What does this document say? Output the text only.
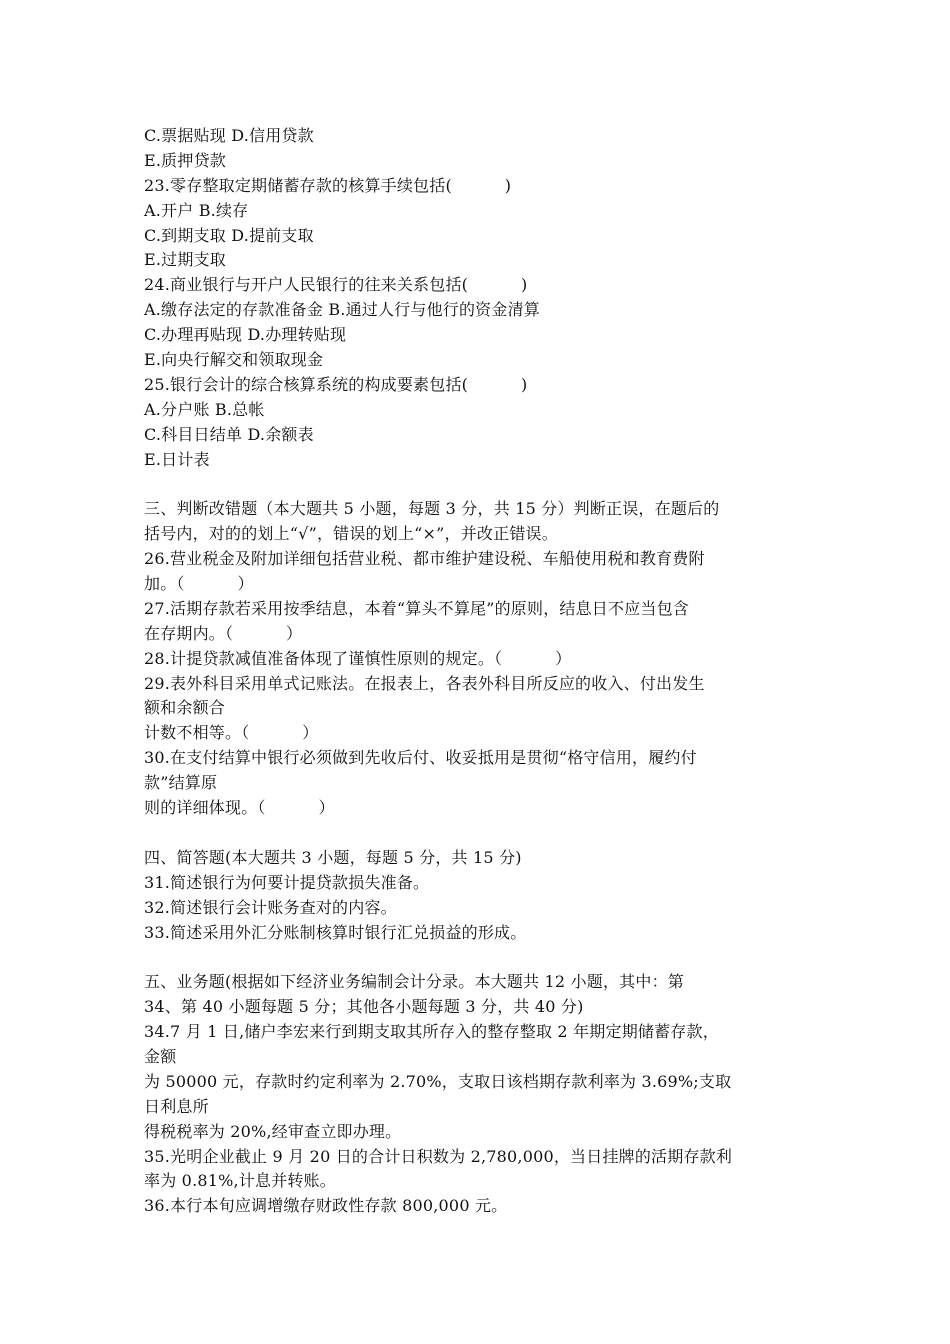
C.票据贴现 D.信用贷款
E.质押贷款
23.零存整取定期储蓄存款的核算手续包括(          )
A.开户 B.续存
C.到期支取 D.提前支取
E.过期支取
24.商业银行与开户人民银行的往来关系包括(          )
A.缴存法定的存款准备金 B.通过人行与他行的资金清算
C.办理再贴现 D.办理转贴现
E.向央行解交和领取现金
25.银行会计的综合核算系统的构成要素包括(          )
A.分户账 B.总帐
C.科目日结单 D.余额表
E.日计表
三、判断改错题（本大题共 5 小题，每题 3 分，共 15 分）判断正误，在题后的
括号内，对的的划上“√”，错误的划上“×”，并改正错误。
26.营业税金及附加详细包括营业税、都市维护建设税、车船使用税和教育费附
加。（          ）
27.活期存款若采用按季结息，本着“算头不算尾”的原则，结息日不应当包含
在存期内。（          ）
28.计提贷款减值准备体现了谨慎性原则的规定。（          ）
29.表外科目采用单式记账法。在报表上，各表外科目所反应的收入、付出发生
额和余额合
计数不相等。（          ）
30.在支付结算中银行必须做到先收后付、收妥抵用是贯彻“格守信用，履约付
款”结算原
则的详细体现。（          ）
四、简答题(本大题共 3 小题，每题 5 分，共 15 分)
31.简述银行为何要计提贷款损失准备。
32.简述银行会计账务查对的内容。
33.简述采用外汇分账制核算时银行汇兑损益的形成。
五、业务题(根据如下经济业务编制会计分录。本大题共 12 小题，其中：第
34、第 40 小题每题 5 分；其他各小题每题 3 分，共 40 分)
34.7 月 1 日,储户李宏来行到期支取其所存入的整存整取 2 年期定期储蓄存款，
金额
为 50000 元，存款时约定利率为 2.70%，支取日该档期存款利率为 3.69%;支取
日利息所
得税税率为 20%,经审查立即办理。
35.光明企业截止 9 月 20 日的合计日积数为 2,780,000，当日挂牌的活期存款利
率为 0.81%,计息并转账。
36.本行本旬应调增缴存财政性存款 800,000 元。
